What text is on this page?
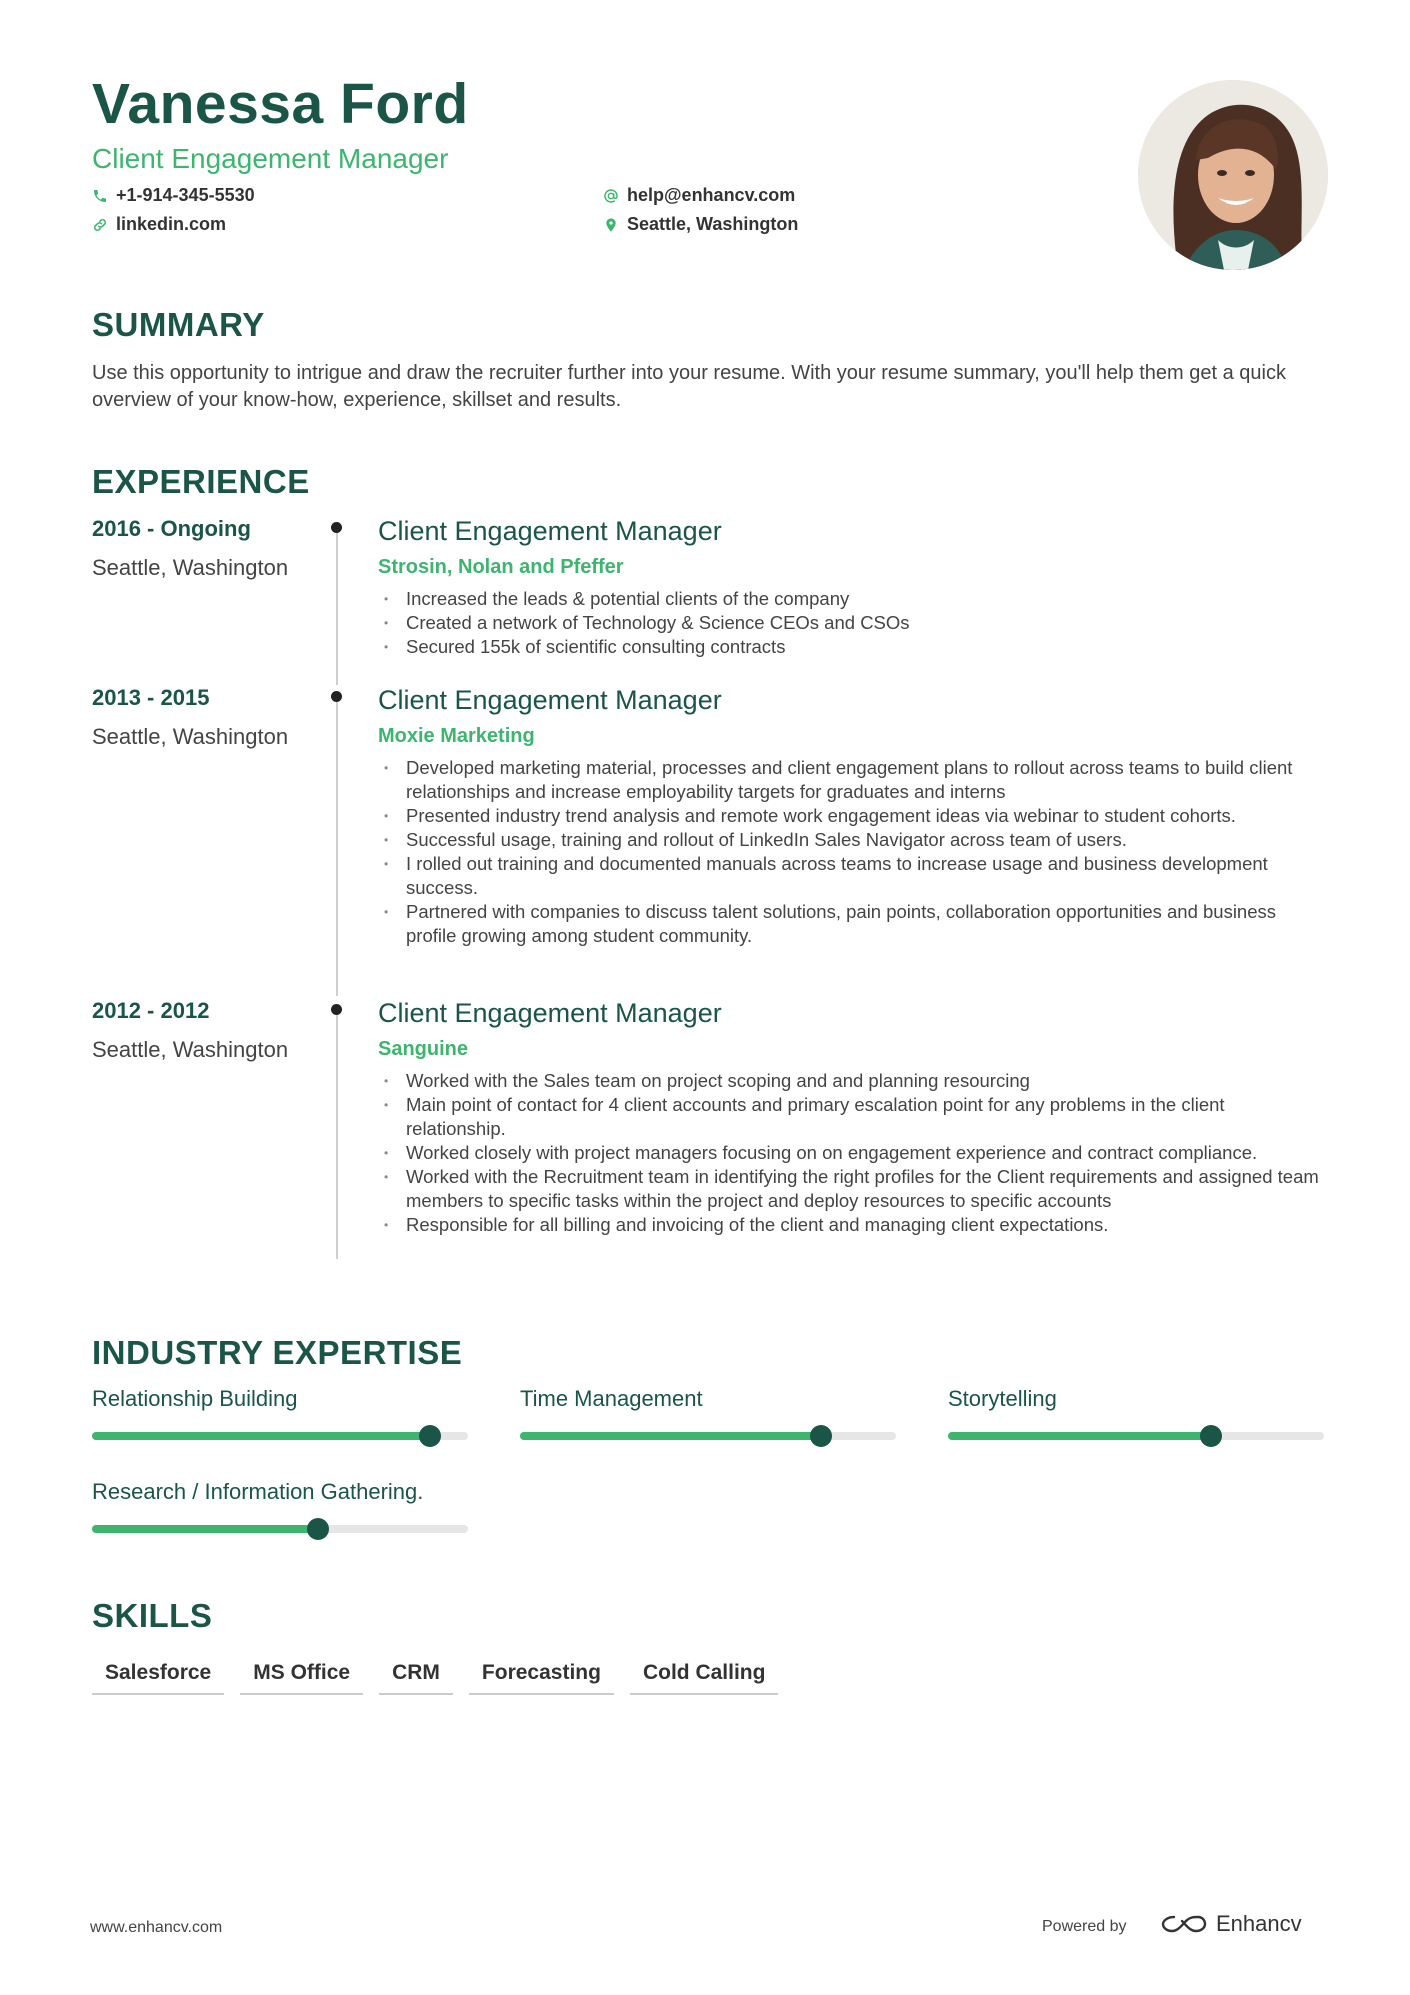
Vanessa Ford
Client Engagement Manager
+1-914-345-5530	help@enhancv.com
linkedin.com	Seattle, Washington
SUMMARY
Use this opportunity to intrigue and draw the recruiter further into your resume. With your resume summary, you'll help them get a quick overview of your know-how, experience, skillset and results.
EXPERIENCE
2016 - Ongoing
Seattle, Washington
Client Engagement Manager
Strosin, Nolan and Pfeffer
• Increased the leads & potential clients of the company
• Created a network of Technology & Science CEOs and CSOs
• Secured 155k of scientific consulting contracts
2013 - 2015
Seattle, Washington
Client Engagement Manager
Moxie Marketing
• Developed marketing material, processes and client engagement plans to rollout across teams to build client relationships and increase employability targets for graduates and interns
• Presented industry trend analysis and remote work engagement ideas via webinar to student cohorts.
• Successful usage, training and rollout of LinkedIn Sales Navigator across team of users.
• I rolled out training and documented manuals across teams to increase usage and business development success.
• Partnered with companies to discuss talent solutions, pain points, collaboration opportunities and business profile growing among student community.
2012 - 2012
Seattle, Washington
Client Engagement Manager
Sanguine
• Worked with the Sales team on project scoping and and planning resourcing
• Main point of contact for 4 client accounts and primary escalation point for any problems in the client relationship.
• Worked closely with project managers focusing on on engagement experience and contract compliance.
• Worked with the Recruitment team in identifying the right profiles for the Client requirements and assigned team members to specific tasks within the project and deploy resources to specific accounts
• Responsible for all billing and invoicing of the client and managing client expectations.
INDUSTRY EXPERTISE
Relationship Building	Time Management	Storytelling
Research / Information Gathering.
SKILLS
Salesforce	MS Office	CRM	Forecasting	Cold Calling
www.enhancv.com	Powered by	Enhancv
